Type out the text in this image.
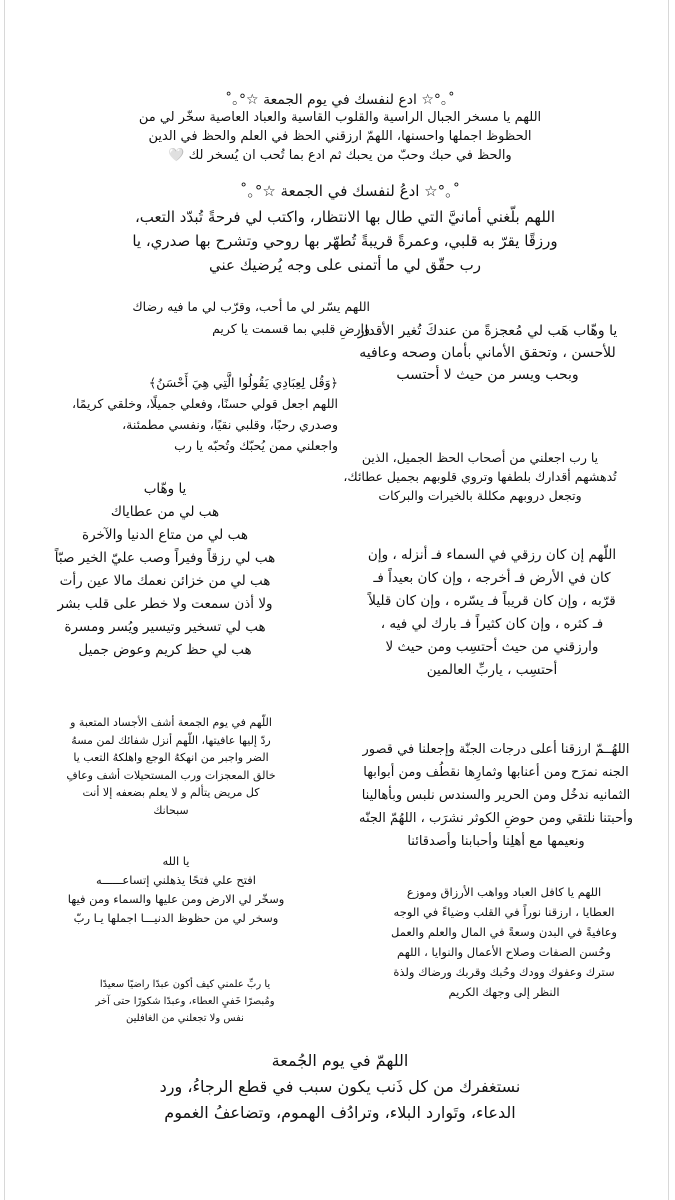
˚｡°☆ ادع لنفسك في يوم الجمعة ☆°｡˚
اللهم يا مسخر الجبال الراسية والقلوب القاسية والعباد العاصية سخّر لي من
الحظوظ اجملها واحسنها، اللهمّ ارزقني الحظ في العلم والحظ في الدين
والحظ في حبك وحبّ من يحبك ثم ادع بما تُحب ان يُسخر لك 🤍
˚｡°☆ ادعُ لنفسك في الجمعة ☆°｡˚
اللهم بلّغني أمانيَّ التي طال بها الانتظار، واكتب لي فرحةً تُبدّد التعب،
ورزقًا يقرّ به قلبي، وعمرةً قريبةً تُطهّر بها روحي وتشرح بها صدري، يا
رب حقّق لي ما أتمنى على وجه يُرضيك عني
اللهم يسّر لي ما أحب، وقرّب لي ما فيه رضاك
وارضِ قلبي بما قسمت يا كريم
يا وهّاب هَب لي مُعجزةً من عندكَ تُغير الأقدار
للأحسن ، وتحقق الأماني بأمان وصحه وعافيه
وبحب ويسر من حيث لا أحتسب
﴿وَقُل لِعِبَادِي يَقُولُوا الَّتِي هِيَ أَحْسَنُ﴾
اللهم اجعل قولي حسنًا، وفعلي جميلًا، وخلقي كريمًا،
وصدري رحبًا، وقلبي نقيًا، ونفسي مطمئنة،
واجعلني ممن يُحبّك وتُحبّه يا رب
يا رب اجعلني من أصحاب الحظ الجميل، الذين
تُدهشهم أقدارك بلطفها وتروي قلوبهم بجميل عطائك،
وتجعل دروبهم مكللة بالخيرات والبركات
يا وهّاب
هب لي من عطاياك
هب لي من متاع الدنيا والآخرة
هب لي رزقاً وفيراً وصب عليّ الخير صبّاً
هب لي من خزائن نعمك مالا عين رأت
ولا أذن سمعت ولا خطر على قلب بشر
هب لي تسخير وتيسير ويُسر ومسرة
هب لي حظ كريم وعوض جميل
اللّهم إن كان رزقي في السماء فـ أنزله ، وإن
كان في الأرض فـ أخرجه ، وإن كان بعيداً فـ
قرّبه ، وإن كان قريباً فـ يسّره ، وإن كان قليلاً
فـ كثره ، وإن كان كثيراً فـ بارك لي فيه ،
وارزقني من حيث أحتسِب ومن حيث لا
أحتسِب ، ياربِّ العالمين
اللّهم في يوم الجمعة أشف الأجساد المتعبة و
ردّ إليها عافيتها، اللّهم أنزل شفائك لمن مسهُ
الضر واجبر من انهكهُ الوجع واهلكهُ التعب يا
خالق المعجزات ورب المستحيلات أشف وعافِ
كل مريض يتألم و لا يعلم بضعفه إلا أنت
سبحانك
اللهُــمّ ارزقنا أعلى درجات الجنّة وإجعلنا في قصور
الجنه نمرَح ومن أعنابها وثمارِها نقطُف ومن أبوابها
الثمانيه ندخُل ومن الحرير والسندس نلبس وبأهالينا
وأحبتنا نلتقي ومن حوضِ الكوثر نشرَب ، اللهُمّ الجنّه
ونعيمها مع أهلِنا وأحبابنا وأصدقائنا
يا الله
افتح علي فتحًا يذهلني إتساعــــــه
وسخّر لي الارض ومن عليها والسماء ومن فيها
وسخر لي من حظوظ الدنيـــا اجملها يـا ربّ
اللهم يا كافل العباد وواهب الأرزاق وموزع
العطايا ، ارزقنا نوراً في القلب وضياءً في الوجه
وعافيةً في البدن وسعةً في المال والعلم والعمل
وحُسن الصفات وصلاح الأعمال والنوايا ، اللهم
سترك وعفوك وودك وحُبك وقربك ورضاك ولذة
النظر إلى وجهك الكريم
يا ربِّ علمني كيف أكون عبدًا راضيًا سعيدًا
ومُبصرًا خَفيِ العطاء، وعبدًا شكورًا حتى آخر
نفس ولا تجعلني من الغافلين
اللهمّ في يوم الجُمعة
نستغفرك من كل ذَنب يكون سبب في قطع الرجاءُ، ورد
الدعاء، وتَوارد البلاء، وترادُف الهموم، وتضاعفُ الغموم
